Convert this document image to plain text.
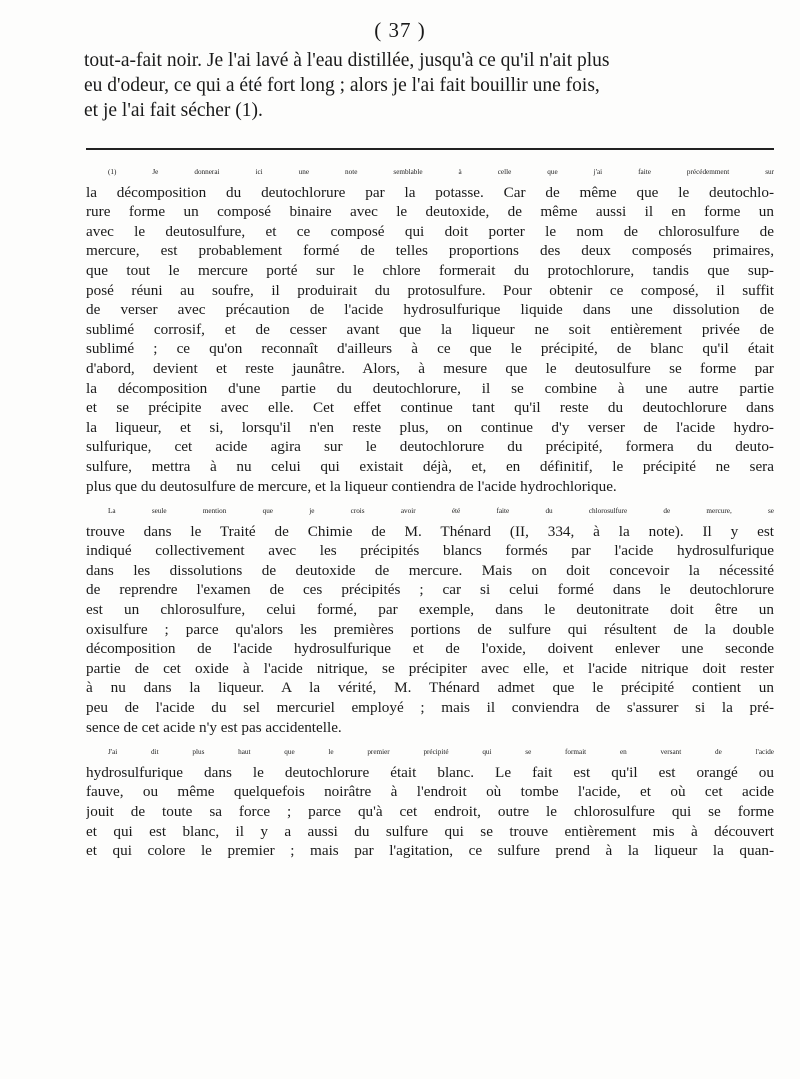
( 37 )
tout-a-fait noir. Je l'ai lavé à l'eau distillée, jusqu'à ce qu'il n'ait plus
eu d'odeur, ce qui a été fort long ; alors je l'ai fait bouillir une fois,
et je l'ai fait sécher (1).
(1) Je donnerai ici une note semblable à celle que j'ai faite précédemment sur
la décomposition du deutochlorure par la potasse. Car de même que le deutochlo-
rure forme un composé binaire avec le deutoxide, de même aussi il en forme un
avec le deutosulfure, et ce composé qui doit porter le nom de chlorosulfure de
mercure, est probablement formé de telles proportions des deux composés primaires,
que tout le mercure porté sur le chlore formerait du protochlorure, tandis que sup-
posé réuni au soufre, il produirait du protosulfure. Pour obtenir ce composé, il suffit
de verser avec précaution de l'acide hydrosulfurique liquide dans une dissolution de
sublimé corrosif, et de cesser avant que la liqueur ne soit entièrement privée de
sublimé ; ce qu'on reconnaît d'ailleurs à ce que le précipité, de blanc qu'il était
d'abord, devient et reste jaunâtre. Alors, à mesure que le deutosulfure se forme par
la décomposition d'une partie du deutochlorure, il se combine à une autre partie
et se précipite avec elle. Cet effet continue tant qu'il reste du deutochlorure dans
la liqueur, et si, lorsqu'il n'en reste plus, on continue d'y verser de l'acide hydro-
sulfurique, cet acide agira sur le deutochlorure du précipité, formera du deuto-
sulfure, mettra à nu celui qui existait déjà, et, en définitif, le précipité ne sera
plus que du deutosulfure de mercure, et la liqueur contiendra de l'acide hydrochlorique.
La seule mention que je crois avoir été faite du chlorosulfure de mercure, se
trouve dans le Traité de Chimie de M. Thénard (II, 334, à la note). Il y est
indiqué collectivement avec les précipités blancs formés par l'acide hydrosulfurique
dans les dissolutions de deutoxide de mercure. Mais on doit concevoir la nécessité
de reprendre l'examen de ces précipités ; car si celui formé dans le deutochlorure
est un chlorosulfure, celui formé, par exemple, dans le deutonitrate doit être un
oxisulfure ; parce qu'alors les premières portions de sulfure qui résultent de la double
décomposition de l'acide hydrosulfurique et de l'oxide, doivent enlever une seconde
partie de cet oxide à l'acide nitrique, se précipiter avec elle, et l'acide nitrique doit rester
à nu dans la liqueur. A la vérité, M. Thénard admet que le précipité contient un
peu de l'acide du sel mercuriel employé ; mais il conviendra de s'assurer si la pré-
sence de cet acide n'y est pas accidentelle.
J'ai dit plus haut que le premier précipité qui se formait en versant de l'acide
hydrosulfurique dans le deutochlorure était blanc. Le fait est qu'il est orangé ou
fauve, ou même quelquefois noirâtre à l'endroit où tombe l'acide, et où cet acide
jouit de toute sa force ; parce qu'à cet endroit, outre le chlorosulfure qui se forme
et qui est blanc, il y a aussi du sulfure qui se trouve entièrement mis à découvert
et qui colore le premier ; mais par l'agitation, ce sulfure prend à la liqueur la quan-
